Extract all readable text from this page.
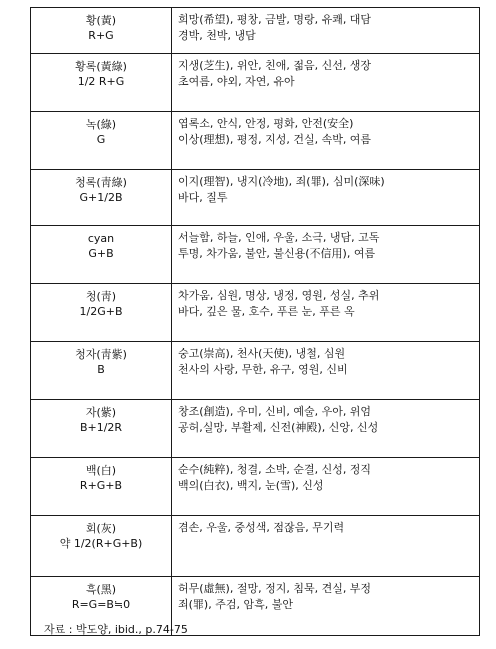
황(黃)
R+G	희망(希望), 평창, 금발, 명랑, 유쾌, 대담
경박, 천박, 냉담

황록(黃綠)
1/2 R+G	지생(芝生), 위안, 친애, 젊음, 신선, 생장
초여름, 야외, 자연, 유아

녹(綠)
G	엽록소, 안식, 안정, 평화, 안전(安全)
이상(理想), 평정, 지성, 건실, 속박, 여름

청록(靑綠)
G+1/2B	이지(理智), 냉지(冷地), 죄(罪), 심미(深味)
바다, 질투

cyan
G+B	서늘함, 하늘, 인애, 우울, 소극, 냉담, 고독
투명, 차가움, 불안, 불신용(不信用), 여름

청(靑)
1/2G+B	차가움, 심원, 명상, 냉정, 영원, 성실, 추위
바다, 깊은 물, 호수, 푸른 눈, 푸른 옥

청자(靑紫)
B	숭고(崇高), 천사(天使), 냉철, 심원
천사의 사랑, 무한, 유구, 영원, 신비

자(紫)
B+1/2R	창조(創造), 우미, 신비, 예술, 우아, 위엄
공허,실망, 부활제, 신전(神殿), 신앙, 신성

백(白)
R+G+B	순수(純粹), 청결, 소박, 순결, 신성, 정직
백의(白衣), 백지, 눈(雪), 신성

회(灰)
약 1/2(R+G+B)	겸손, 우울, 중성색, 점잖음, 무기력

흑(黑)
R=G=B≒0	허무(虛無), 절망, 정지, 침묵, 견실, 부정
죄(罪), 주검, 암흑, 불안
자료 : 박도양, ibid., p.74-75
